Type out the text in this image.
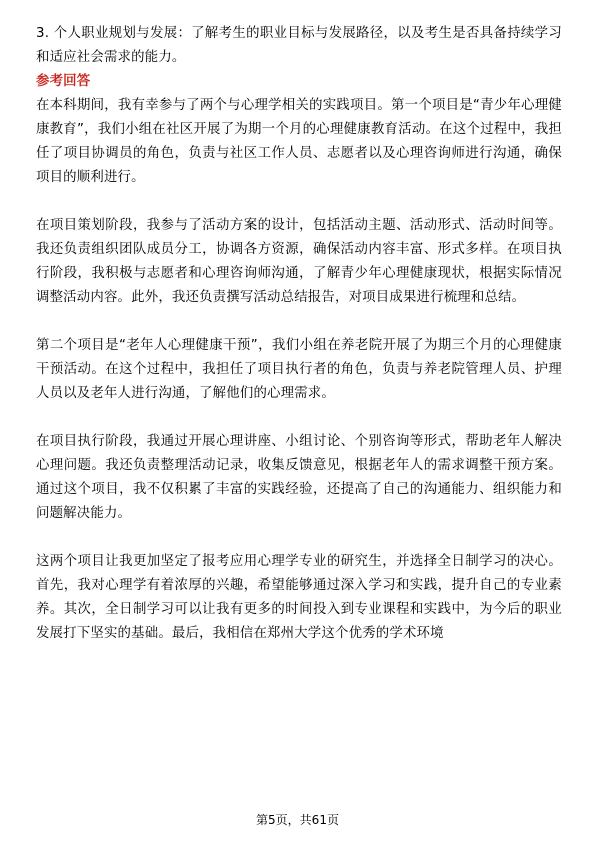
3. 个人职业规划与发展：了解考生的职业目标与发展路径，以及考生是否具备持续学习和适应社会需求的能力。

参考回答

在本科期间，我有幸参与了两个与心理学相关的实践项目。第一个项目是“青少年心理健康教育”，我们小组在社区开展了为期一个月的心理健康教育活动。在这个过程中，我担任了项目协调员的角色，负责与社区工作人员、志愿者以及心理咨询师进行沟通，确保项目的顺利进行。

在项目策划阶段，我参与了活动方案的设计，包括活动主题、活动形式、活动时间等。我还负责组织团队成员分工，协调各方资源，确保活动内容丰富、形式多样。在项目执行阶段，我积极与志愿者和心理咨询师沟通，了解青少年心理健康现状，根据实际情况调整活动内容。此外，我还负责撰写活动总结报告，对项目成果进行梳理和总结。

第二个项目是“老年人心理健康干预”，我们小组在养老院开展了为期三个月的心理健康干预活动。在这个过程中，我担任了项目执行者的角色，负责与养老院管理人员、护理人员以及老年人进行沟通，了解他们的心理需求。

在项目执行阶段，我通过开展心理讲座、小组讨论、个别咨询等形式，帮助老年人解决心理问题。我还负责整理活动记录，收集反馈意见，根据老年人的需求调整干预方案。通过这个项目，我不仅积累了丰富的实践经验，还提高了自己的沟通能力、组织能力和问题解决能力。

这两个项目让我更加坚定了报考应用心理学专业的研究生，并选择全日制学习的决心。首先，我对心理学有着浓厚的兴趣，希望能够通过深入学习和实践，提升自己的专业素养。其次，全日制学习可以让我有更多的时间投入到专业课程和实践中，为今后的职业发展打下坚实的基础。最后，我相信在郑州大学这个优秀的学术环境

第5页，共61页
